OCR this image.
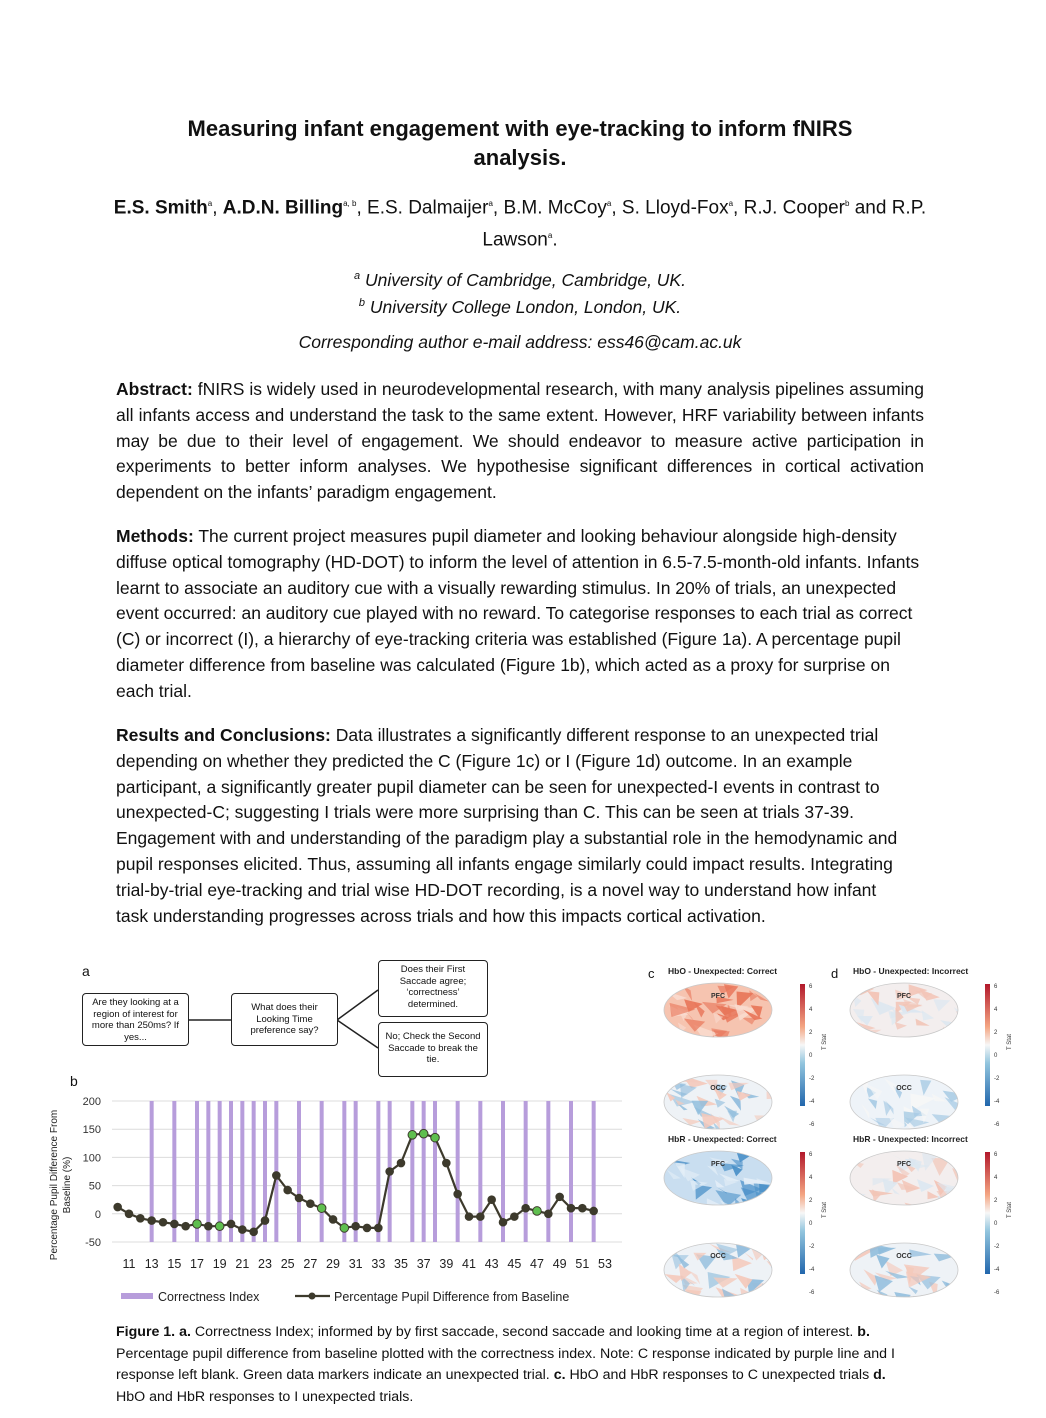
Measuring infant engagement with eye-tracking to inform fNIRS
analysis.
E.S. Smith$^a$, A.D.N. Billing$^{a, b}$, E.S. Dalmaijer$^a$, B.M. McCoy$^a$, S. Lloyd-Fox$^a$, R.J. Cooper$^b$ and R.P. Lawson$^a$.
$^a$ University of Cambridge, Cambridge, UK.
$^b$ University College London, London, UK.
Corresponding author e-mail address: ess46@cam.ac.uk
Abstract: fNIRS is widely used in neurodevelopmental research, with many analysis pipelines assuming all infants access and understand the task to the same extent. However, HRF variability between infants may be due to their level of engagement. We should endeavor to measure active participation in experiments to better inform analyses. We hypothesise significant differences in cortical activation dependent on the infants’ paradigm engagement.
Methods: The current project measures pupil diameter and looking behaviour alongside high-density diffuse optical tomography (HD-DOT) to inform the level of attention in 6.5-7.5-month-old infants. Infants learnt to associate an auditory cue with a visually rewarding stimulus. In 20% of trials, an unexpected event occurred: an auditory cue played with no reward. To categorise responses to each trial as correct (C) or incorrect (I), a hierarchy of eye-tracking criteria was established (Figure 1a). A percentage pupil diameter difference from baseline was calculated (Figure 1b), which acted as a proxy for surprise on each trial.
Results and Conclusions: Data illustrates a significantly different response to an unexpected trial depending on whether they predicted the C (Figure 1c) or I (Figure 1d) outcome. In an example participant, a significantly greater pupil diameter can be seen for unexpected-I events in contrast to unexpected-C; suggesting I trials were more surprising than C. This can be seen at trials 37-39. Engagement with and understanding of the paradigm play a substantial role in the hemodynamic and pupil responses elicited. Thus, assuming all infants engage similarly could impact results. Integrating trial-by-trial eye-tracking and trial wise HD-DOT recording, is a novel way to understand how infant task understanding progresses across trials and how this impacts cortical activation.
a
Are they looking at a region of interest for more than 250ms? If yes...
What does their Looking Time preference say?
Does their First Saccade agree; ‘correctness’ determined.
No; Check the Second Saccade to break the tie.
b
200
150
100
50
0
-50
11 13 15 17 19 21 23 25 27 29 31 33 35 37 39 41 43 45 47 49 51 53
Percentage Pupil Difference From Baseline (%)
Correctness Index	Percentage Pupil Difference from Baseline
c	d
HbO - Unexpected: Correct
PFC
OCC
6
4
2
0
-2
-4
-6
T Stat
HbR - Unexpected: Correct
PFC
OCC
6
4
2
0
-2
-4
-6
T Stat
HbO - Unexpected: Incorrect
PFC
OCC
6
4
2
0
-2
-4
-6
T Stat
HbR - Unexpected: Incorrect
PFC
OCC
6
4
2
0
-2
-4
-6
T Stat
Figure 1. a. Correctness Index; informed by by first saccade, second saccade and looking time at a region of interest. b. Percentage pupil difference from baseline plotted with the correctness index. Note: C response indicated by purple line and I response left blank. Green data markers indicate an unexpected trial. c. HbO and HbR responses to C unexpected trials d. HbO and HbR responses to I unexpected trials.
